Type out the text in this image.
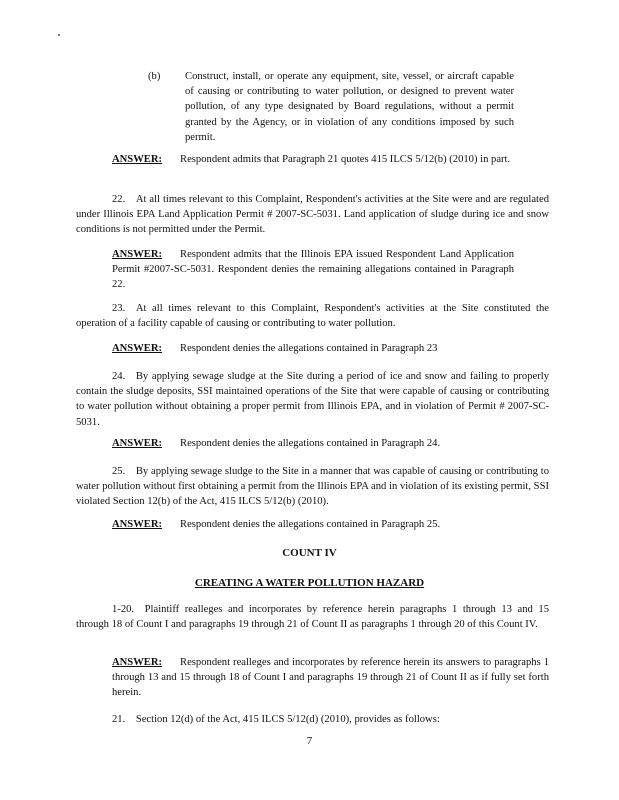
(b) Construct, install, or operate any equipment, site, vessel, or aircraft capable of causing or contributing to water pollution, or designed to prevent water pollution, of any type designated by Board regulations, without a permit granted by the Agency, or in violation of any conditions imposed by such permit.
ANSWER: Respondent admits that Paragraph 21 quotes 415 ILCS 5/12(b) (2010) in part.
22. At all times relevant to this Complaint, Respondent's activities at the Site were and are regulated under Illinois EPA Land Application Permit # 2007-SC-5031. Land application of sludge during ice and snow conditions is not permitted under the Permit.
ANSWER: Respondent admits that the Illinois EPA issued Respondent Land Application Permit #2007-SC-5031. Respondent denies the remaining allegations contained in Paragraph 22.
23. At all times relevant to this Complaint, Respondent's activities at the Site constituted the operation of a facility capable of causing or contributing to water pollution.
ANSWER: Respondent denies the allegations contained in Paragraph 23
24. By applying sewage sludge at the Site during a period of ice and snow and failing to properly contain the sludge deposits, SSI maintained operations of the Site that were capable of causing or contributing to water pollution without obtaining a proper permit from Illinois EPA, and in violation of Permit # 2007-SC-5031.
ANSWER: Respondent denies the allegations contained in Paragraph 24.
25. By applying sewage sludge to the Site in a manner that was capable of causing or contributing to water pollution without first obtaining a permit from the Illinois EPA and in violation of its existing permit, SSI violated Section 12(b) of the Act, 415 ILCS 5/12(b) (2010).
ANSWER: Respondent denies the allegations contained in Paragraph 25.
COUNT IV
CREATING A WATER POLLUTION HAZARD
1-20. Plaintiff realleges and incorporates by reference herein paragraphs 1 through 13 and 15 through 18 of Count I and paragraphs 19 through 21 of Count II as paragraphs 1 through 20 of this Count IV.
ANSWER: Respondent realleges and incorporates by reference herein its answers to paragraphs 1 through 13 and 15 through 18 of Count I and paragraphs 19 through 21 of Count II as if fully set forth herein.
21. Section 12(d) of the Act, 415 ILCS 5/12(d) (2010), provides as follows:
7
